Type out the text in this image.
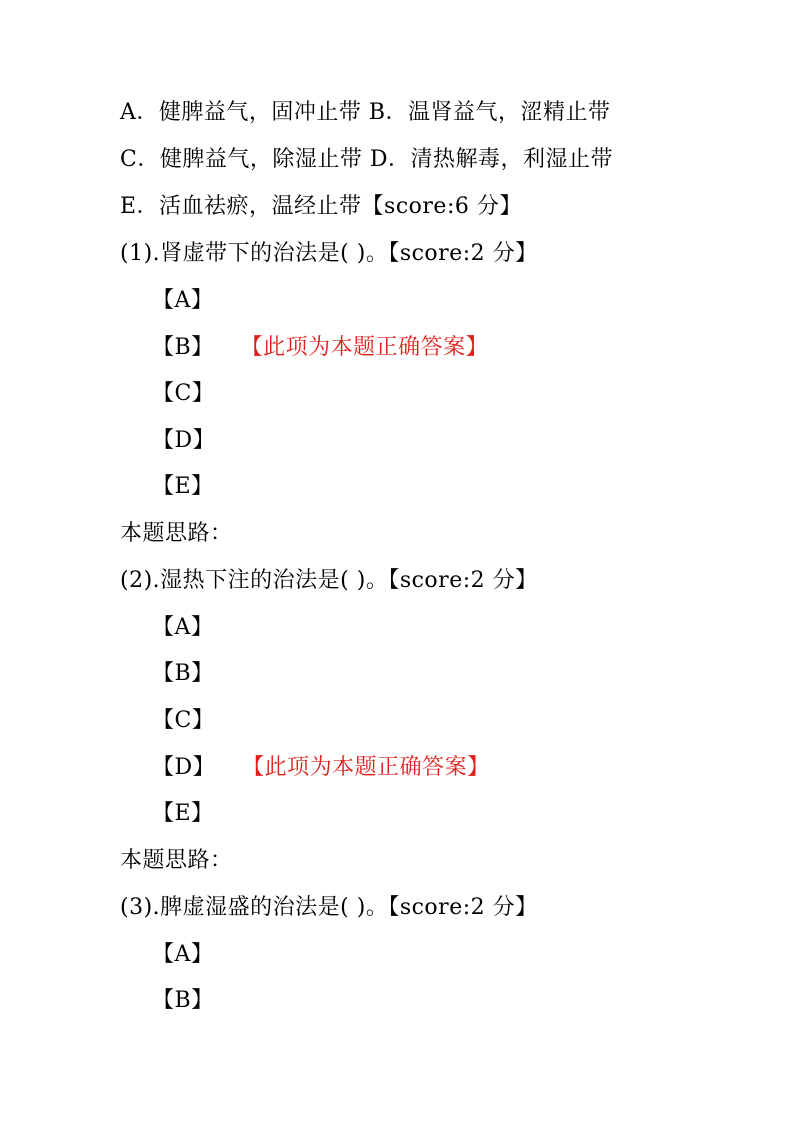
A．健脾益气，固冲止带 B．温肾益气，涩精止带
C．健脾益气，除湿止带 D．清热解毒，利湿止带
E．活血祛瘀，温经止带【score:6 分】
(1).肾虚带下的治法是( )。【score:2 分】
【A】
【B】 【此项为本题正确答案】
【C】
【D】
【E】
本题思路：
(2).湿热下注的治法是( )。【score:2 分】
【A】
【B】
【C】
【D】 【此项为本题正确答案】
【E】
本题思路：
(3).脾虚湿盛的治法是( )。【score:2 分】
【A】
【B】
